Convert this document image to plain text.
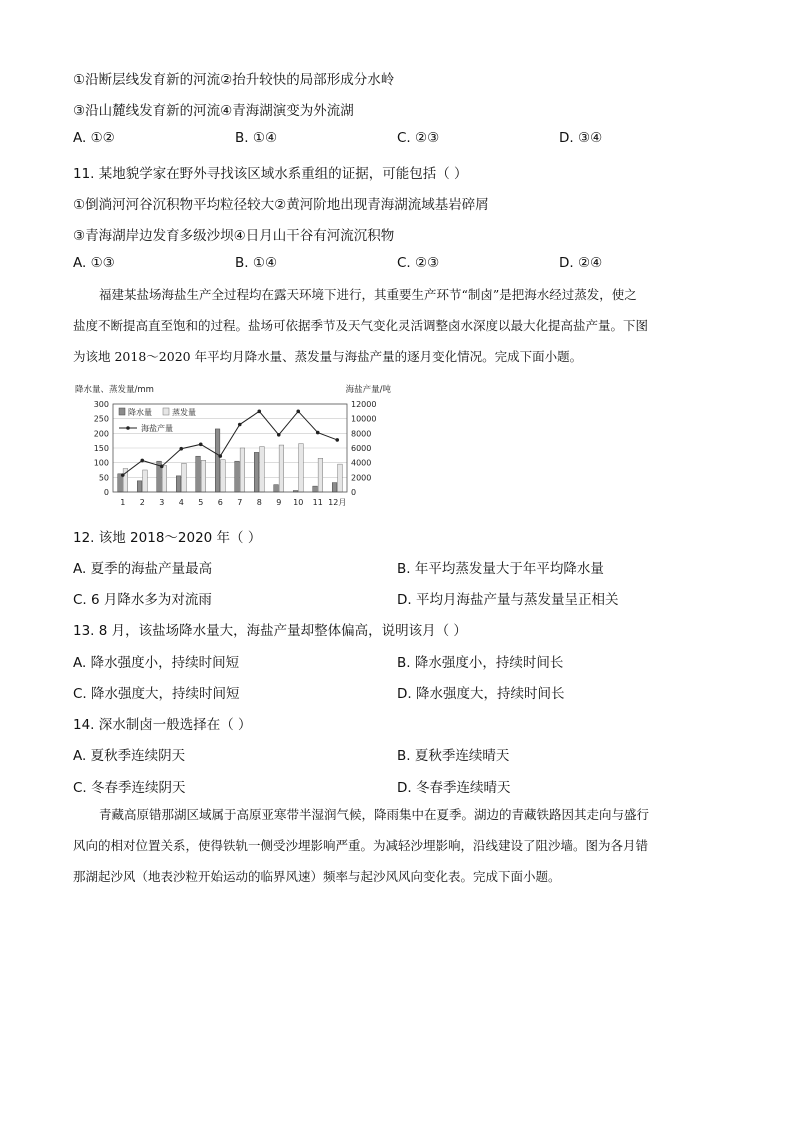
①沿断层线发育新的河流②抬升较快的局部形成分水岭
③沿山麓线发育新的河流④青海湖演变为外流湖
A. ①②	B. ①④	C. ②③	D. ③④
11. 某地貌学家在野外寻找该区域水系重组的证据，可能包括（ ）
①倒淌河河谷沉积物平均粒径较大②黄河阶地出现青海湖流域基岩碎屑
③青海湖岸边发育多级沙坝④日月山干谷有河流沉积物
A. ①③	B. ①④	C. ②③	D. ②④
福建某盐场海盐生产全过程均在露天环境下进行，其重要生产环节“制卤”是把海水经过蒸发，使之
盐度不断提高直至饱和的过程。盐场可依据季节及天气变化灵活调整卤水深度以最大化提高盐产量。下图
为该地 2018～2020 年平均月降水量、蒸发量与海盐产量的逐月变化情况。完成下面小题。
降水量、蒸发量/mm	海盐产量/吨
0
50
100
150
200
250
300
0
2000
4000
6000
8000
10000
12000
1 2 3 4 5 6 7 8 9 10 11 12月
降水量	蒸发量
海盐产量
12. 该地 2018～2020 年（ ）
A. 夏季的海盐产量最高	B. 年平均蒸发量大于年平均降水量
C. 6 月降水多为对流雨	D. 平均月海盐产量与蒸发量呈正相关
13. 8 月，该盐场降水量大，海盐产量却整体偏高，说明该月（ ）
A. 降水强度小，持续时间短	B. 降水强度小，持续时间长
C. 降水强度大，持续时间短	D. 降水强度大，持续时间长
14. 深水制卤一般选择在（ ）
A. 夏秋季连续阴天	B. 夏秋季连续晴天
C. 冬春季连续阴天	D. 冬春季连续晴天
青藏高原错那湖区域属于高原亚寒带半湿润气候，降雨集中在夏季。湖边的青藏铁路因其走向与盛行
风向的相对位置关系，使得铁轨一侧受沙埋影响严重。为减轻沙埋影响，沿线建设了阻沙墙。图为各月错
那湖起沙风（地表沙粒开始运动的临界风速）频率与起沙风风向变化表。完成下面小题。
